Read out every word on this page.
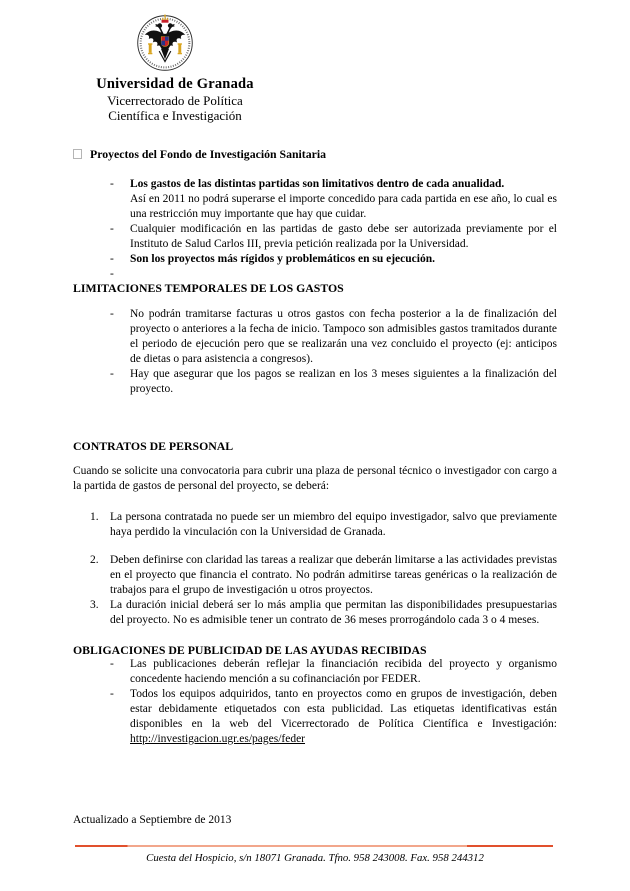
Universidad de Granada
Vicerrectorado de Política
Científica e Investigación
Proyectos del Fondo de Investigación Sanitaria
- Los gastos de las distintas partidas son limitativos dentro de cada anualidad.
Así en 2011 no podrá superarse el importe concedido para cada partida en ese año, lo cual es una restricción muy importante que hay que cuidar.
- Cualquier modificación en las partidas de gasto debe ser autorizada previamente por el Instituto de Salud Carlos III, previa petición realizada por la Universidad.
- Son los proyectos más rígidos y problemáticos en su ejecución.
-
LIMITACIONES TEMPORALES DE LOS GASTOS
- No podrán tramitarse facturas u otros gastos con fecha posterior a la de finalización del proyecto o anteriores a la fecha de inicio. Tampoco son admisibles gastos tramitados durante el periodo de ejecución pero que se realizarán una vez concluido el proyecto (ej: anticipos de dietas o para asistencia a congresos).
- Hay que asegurar que los pagos se realizan en los 3 meses siguientes a la finalización del proyecto.
CONTRATOS DE PERSONAL
Cuando se solicite una convocatoria para cubrir una plaza de personal técnico o investigador con cargo a la partida de gastos de personal del proyecto, se deberá:
1. La persona contratada no puede ser un miembro del equipo investigador, salvo que previamente haya perdido la vinculación con la Universidad de Granada.
2. Deben definirse con claridad las tareas a realizar que deberán limitarse a las actividades previstas en el proyecto que financia el contrato. No podrán admitirse tareas genéricas o la realización de trabajos para el grupo de investigación u otros proyectos.
3. La duración inicial deberá ser lo más amplia que permitan las disponibilidades presupuestarias del proyecto. No es admisible tener un contrato de 36 meses prorrogándolo cada 3 o 4 meses.
OBLIGACIONES DE PUBLICIDAD DE LAS AYUDAS RECIBIDAS
- Las publicaciones deberán reflejar la financiación recibida del proyecto y organismo concedente haciendo mención a su cofinanciación por FEDER.
- Todos los equipos adquiridos, tanto en proyectos como en grupos de investigación, deben estar debidamente etiquetados con esta publicidad. Las etiquetas identificativas están disponibles en la web del Vicerrectorado de Política Científica e Investigación: http://investigacion.ugr.es/pages/feder
Actualizado a Septiembre de 2013
Cuesta del Hospicio, s/n 18071 Granada. Tfno. 958 243008. Fax. 958 244312
